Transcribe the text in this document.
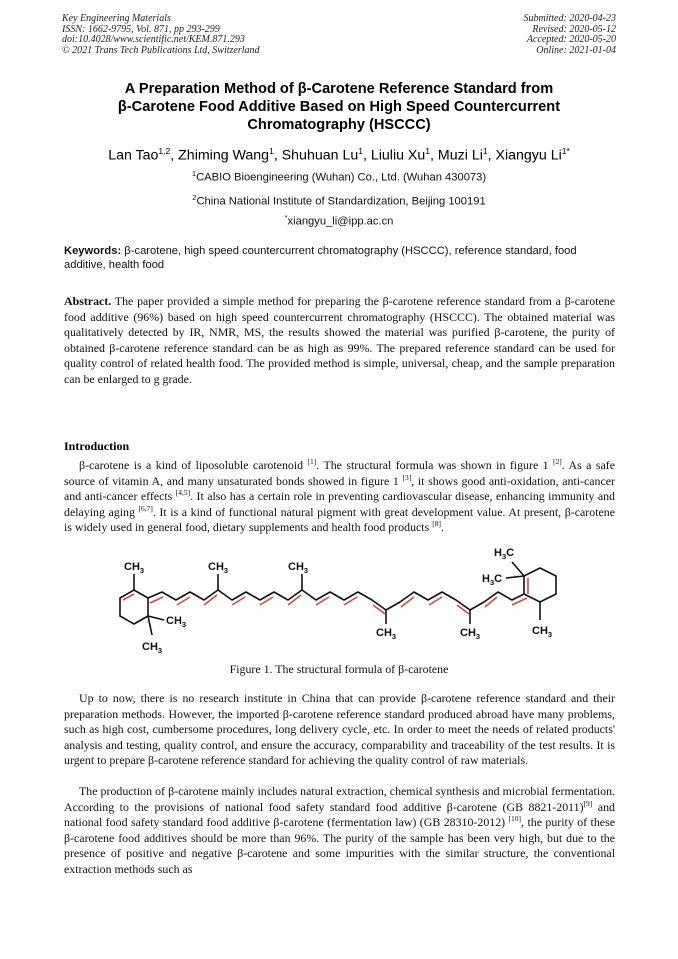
Key Engineering Materials
ISSN: 1662-9795, Vol. 871, pp 293-299
doi:10.4028/www.scientific.net/KEM.871.293
© 2021 Trans Tech Publications Ltd, Switzerland
Submitted: 2020-04-23
Revised: 2020-05-12
Accepted: 2020-05-20
Online: 2021-01-04
A Preparation Method of β-Carotene Reference Standard from
β-Carotene Food Additive Based on High Speed Countercurrent
Chromatography (HSCCC)
Lan Tao$^{1,2}$, Zhiming Wang$^1$, Shuhuan Lu$^1$, Liuliu Xu$^1$, Muzi Li$^1$, Xiangyu $Li^{1*}$
$^1$CABIO Bioengineering (Wuhan) Co., Ltd. (Wuhan 430073)
$^2$China National Institute of Standardization, Beijing 100191
*xiangyu_li@ipp.ac.cn
Keywords: β-carotene, high speed countercurrent chromatography (HSCCC), reference standard, food additive, health food
Abstract. The paper provided a simple method for preparing the β-carotene reference standard from a β-carotene food additive (96%) based on high speed countercurrent chromatography (HSCCC). The obtained material was qualitatively detected by IR, NMR, MS, the results showed the material was purified β-carotene, the purity of obtained β-carotene reference standard can be as high as 99%. The prepared reference standard can be used for quality control of related health food. The provided method is simple, universal, cheap, and the sample preparation can be enlarged to g grade.
Introduction
β-carotene is a kind of liposoluble carotenoid [1]. The structural formula was shown in figure 1 [2]. As a safe source of vitamin A, and many unsaturated bonds showed in figure 1 [3], it shows good anti-oxidation, anti-cancer and anti-cancer effects [4,5]. It also has a certain role in preventing cardiovascular disease, enhancing immunity and delaying aging [6,7]. It is a kind of functional natural pigment with great development value. At present, β-carotene is widely used in general food, dietary supplements and health food products [8].
$CH_3$
$CH_3$
$CH_3$
$CH_3$	$CH_3$
$CH_3$	$CH_3$	$CH_3$
$H_3C$
$H_3C$
Figure 1. The structural formula of β-carotene
Up to now, there is no research institute in China that can provide β-carotene reference standard and their preparation methods. However, the imported β-carotene reference standard produced abroad have many problems, such as high cost, cumbersome procedures, long delivery cycle, etc. In order to meet the needs of related products' analysis and testing, quality control, and ensure the accuracy, comparability and traceability of the test results. It is urgent to prepare β-carotene reference standard for achieving the quality control of raw materials.
The production of β-carotene mainly includes natural extraction, chemical synthesis and microbial fermentation. According to the provisions of national food safety standard food additive β-carotene (GB 8821-2011)[9] and national food safety standard food additive β-carotene (fermentation law) (GB 28310-2012) [10], the purity of these β-carotene food additives should be more than 96%. The purity of the sample has been very high, but due to the presence of positive and negative β-carotene and some impurities with the similar structure, the conventional extraction methods such as
